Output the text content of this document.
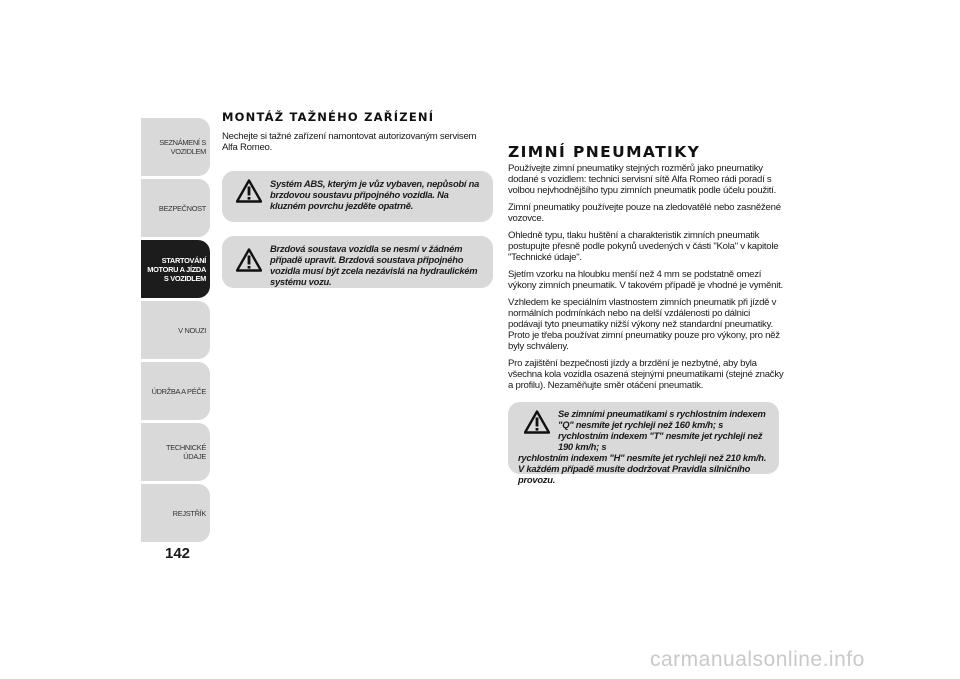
SEZNÁMENÍ S
VOZIDLEM
BEZPEČNOST
STARTOVÁNÍ
MOTORU A JÍZDA
S VOZIDLEM
V NOUZI
ÚDRŽBA A PÉČE
TECHNICKÉ ÚDAJE
REJSTŘÍK
142
MONTÁŽ TAŽNÉHO ZAŘÍZENÍ
Nechejte si tažné zařízení namontovat autorizovaným servisem Alfa Romeo.
Systém ABS, kterým je vůz vybaven, nepůsobí na brzdovou soustavu připojného vozidla. Na kluzném povrchu jezděte opatrně.
Brzdová soustava vozidla se nesmí v žádném případě upravit. Brzdová soustava připojného vozidla musí být zcela nezávislá na hydraulickém systému vozu.
ZIMNÍ PNEUMATIKY

Používejte zimní pneumatiky stejných rozměrů jako pneumatiky dodané s vozidlem: technici servisní sítě Alfa Romeo rádi poradí s volbou nejvhodnějšího typu zimních pneumatik podle účelu použití.

Zimní pneumatiky používejte pouze na zledovatělé nebo zasněžené vozovce.

Ohledně typu, tlaku huštění a charakteristik zimních pneumatik postupujte přesně podle pokynů uvedených v části "Kola" v kapitole "Technické údaje".

Sjetím vzorku na hloubku menší než 4 mm se podstatně omezí výkony zimních pneumatik. V takovém případě je vhodné je vyměnit.

Vzhledem ke speciálním vlastnostem zimních pneumatik při jízdě v normálních podmínkách nebo na delší vzdálenosti po dálnici podávají tyto pneumatiky nižší výkony než standardní pneumatiky. Proto je třeba používat zimní pneumatiky pouze pro výkony, pro něž byly schváleny.

Pro zajištění bezpečnosti jízdy a brzdění je nezbytné, aby byla všechna kola vozidla osazená stejnými pneumatikami (stejné značky a profilu). Nezaměňujte směr otáčení pneumatik.

Se zimními pneumatikami s rychlostním indexem "Q" nesmíte jet rychleji než 160 km/h; s rychlostním indexem "T" nesmíte jet rychleji než 190 km/h; s
rychlostním indexem "H" nesmíte jet rychleji než 210 km/h. V každém případě musíte dodržovat Pravidla silničního provozu.
carmanualsonline.info
